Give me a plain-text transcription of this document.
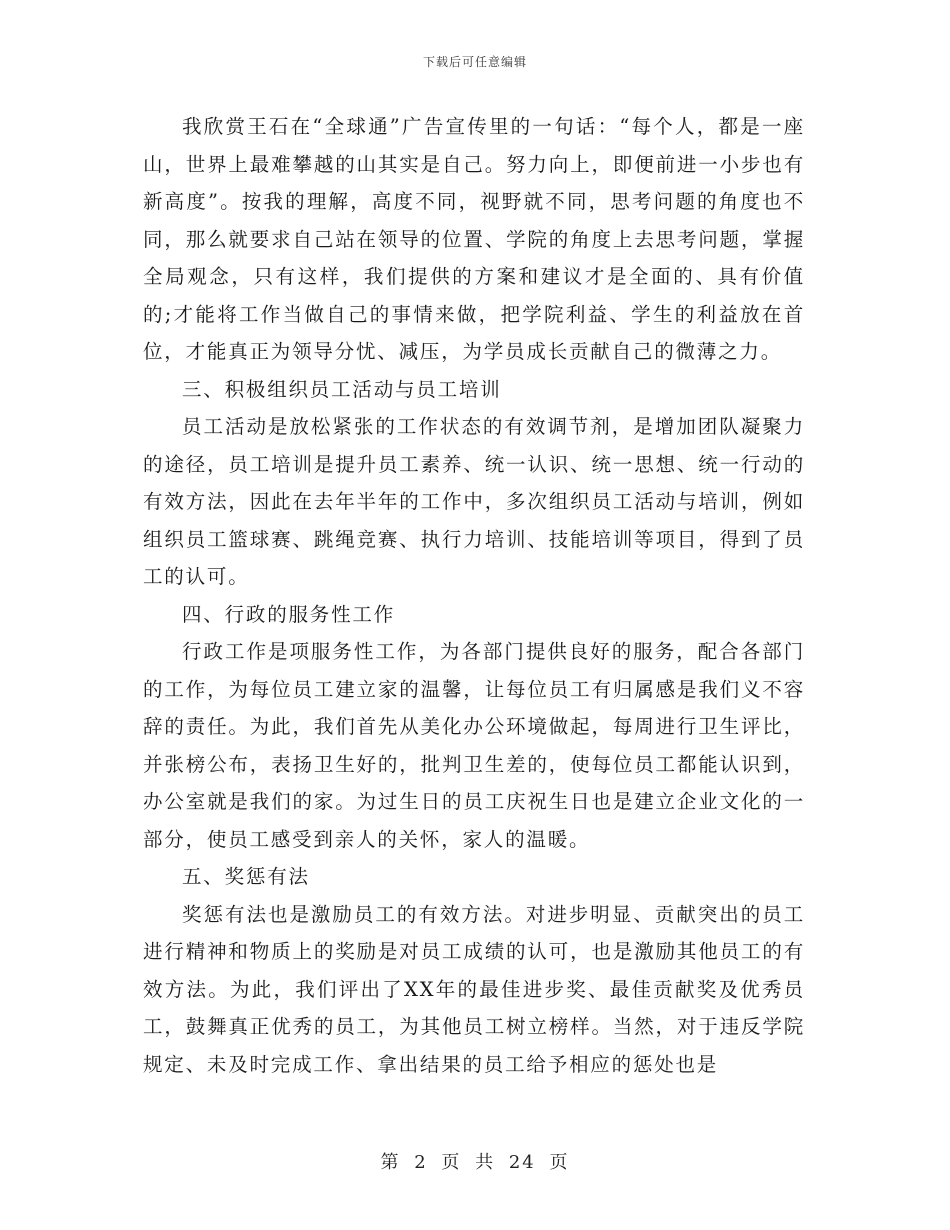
下载后可任意编辑

我欣赏王石在“全球通”广告宣传里的一句话：“每个人，都是一座山，世界上最难攀越的山其实是自己。努力向上，即便前进一小步也有新高度”。按我的理解，高度不同，视野就不同，思考问题的角度也不同，那么就要求自己站在领导的位置、学院的角度上去思考问题，掌握全局观念，只有这样，我们提供的方案和建议才是全面的、具有价值的;才能将工作当做自己的事情来做，把学院利益、学生的利益放在首位，才能真正为领导分忧、减压，为学员成长贡献自己的微薄之力。

三、积极组织员工活动与员工培训

员工活动是放松紧张的工作状态的有效调节剂，是增加团队凝聚力的途径，员工培训是提升员工素养、统一认识、统一思想、统一行动的有效方法，因此在去年半年的工作中，多次组织员工活动与培训，例如组织员工篮球赛、跳绳竞赛、执行力培训、技能培训等项目，得到了员工的认可。

四、行政的服务性工作

行政工作是项服务性工作，为各部门提供良好的服务，配合各部门的工作，为每位员工建立家的温馨，让每位员工有归属感是我们义不容辞的责任。为此，我们首先从美化办公环境做起，每周进行卫生评比，并张榜公布，表扬卫生好的，批判卫生差的，使每位员工都能认识到，办公室就是我们的家。为过生日的员工庆祝生日也是建立企业文化的一部分，使员工感受到亲人的关怀，家人的温暖。

五、奖惩有法

奖惩有法也是激励员工的有效方法。对进步明显、贡献突出的员工进行精神和物质上的奖励是对员工成绩的认可，也是激励其他员工的有效方法。为此，我们评出了XX年的最佳进步奖、最佳贡献奖及优秀员工，鼓舞真正优秀的员工，为其他员工树立榜样。当然，对于违反学院规定、未及时完成工作、拿出结果的员工给予相应的惩处也是

第 2 页 共 24 页
